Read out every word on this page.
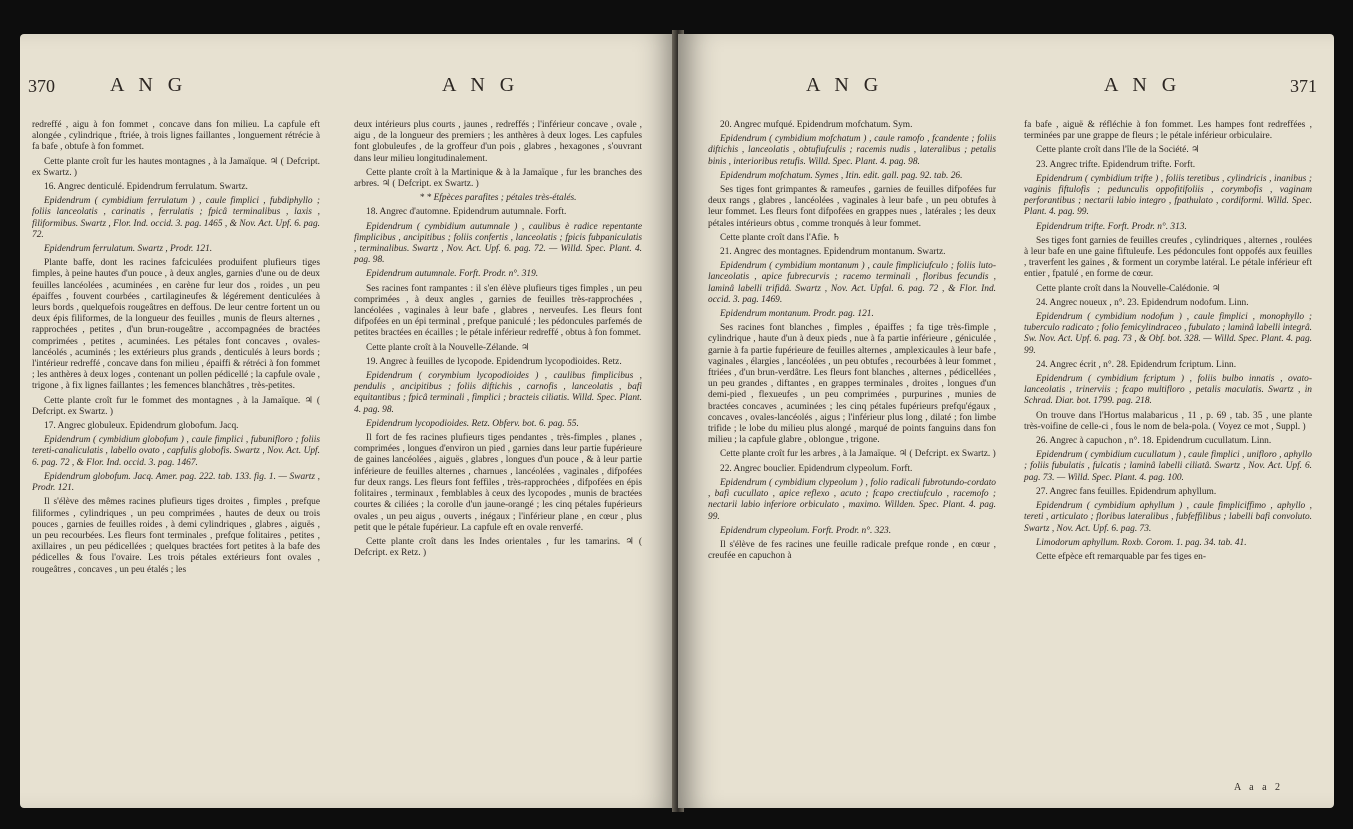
370	A N G	A N G

redreffé , aigu à fon fommet , concave dans fon milieu. La capfule eft alongée , cylindrique , ftriée, à trois lignes faillantes , longuement rétrécie à fa bafe , obtufe à fon fommet.

Cette plante croît fur les hautes montagnes , à la Jamaïque. ♃ ( Defcript. ex Swartz. )

16. Angrec denticulé. Epidendrum ferrulatum. Swartz.

Epidendrum ( cymbidium ferrulatum ) , caule fimplici , fubdiphyllo ; foliis lanceolatis , carinatis , ferrulatis ; fpicâ terminalibus , laxis , filiformibus. Swartz , Flor. Ind. occid. 3. pag. 1465 , & Nov. Act. Upf. 6. pag. 72.

Epidendrum ferrulatum. Swartz , Prodr. 121.

Plante baffe, dont les racines fafciculées produifent plufieurs tiges fimples, à peine hautes d'un pouce , à deux angles, garnies d'une ou de deux feuilles lancéolées , acuminées , en carène fur leur dos , roides , un peu épaiffes , fouvent courbées , cartilagineufes & légérement denticulées à leurs bords , quelquefois rougeâtres en deffous. De leur centre fortent un ou deux épis filiformes, de la longueur des feuilles , munis de fleurs alternes , rapprochées , petites , d'un brun-rougeâtre , accompagnées de bractées comprimées , petites , acuminées. Les pétales font concaves , ovales-lancéolés , acuminés ; les extérieurs plus grands , denticulés à leurs bords ; l'intérieur redreffé , concave dans fon milieu , épaiffi & rétréci à fon fommet ; les anthères à deux loges , contenant un pollen pédicellé ; la capfule ovale , trigone , à fix lignes faillantes ; les femences blanchâtres , très-petites.

Cette plante croît fur le fommet des montagnes , à la Jamaïque. ♃ ( Defcript. ex Swartz. )

17. Angrec globuleux. Epidendrum globofum. Jacq.

Epidendrum ( cymbidium globofum ) , caule fimplici , fubunifloro ; foliis tereti-canaliculatis , labello ovato , capfulis globofis. Swartz , Nov. Act. Upf. 6. pag. 72 , & Flor. Ind. occid. 3. pag. 1467.

Epidendrum globofum. Jacq. Amer. pag. 222. tab. 133. fig. 1. — Swartz , Prodr. 121.

Il s'élève des mêmes racines plufieurs tiges droites , fimples , prefque filiformes , cylindriques , un peu comprimées , hautes de deux ou trois pouces , garnies de feuilles roides , à demi cylindriques , glabres , aiguës , un peu recourbées. Les fleurs font terminales , prefque folitaires , petites , axillaires , un peu pédicellées ; quelques bractées fort petites à la bafe des pédicelles & fous l'ovaire. Les trois pétales extérieurs font ovales , rougeâtres , concaves , un peu étalés ; les

deux intérieurs plus courts , jaunes , redreffés ; l'inférieur concave , ovale , aigu , de la longueur des premiers ; les anthères à deux loges. Les capfules font globuleufes , de la groffeur d'un pois , glabres , hexagones , s'ouvrant dans leur milieu longitudinalement.

Cette plante croît à la Martinique & à la Jamaïque , fur les branches des arbres. ♃ ( Defcript. ex Swartz. )

* * Efpèces parafites ; pétales très-étalés.

18. Angrec d'automne. Epidendrum autumnale. Forft.

Epidendrum ( cymbidium autumnale ) , caulibus è radice repentante fimplicibus , ancipitibus ; foliis confertis , lanceolatis ; fpicis fubpaniculatis , terminalibus. Swartz , Nov. Act. Upf. 6. pag. 72. — Willd. Spec. Plant. 4. pag. 98.

Epidendrum autumnale. Forft. Prodr. n°. 319.

Ses racines font rampantes : il s'en élève plufieurs tiges fimples , un peu comprimées , à deux angles , garnies de feuilles très-rapprochées , lancéolées , vaginales à leur bafe , glabres , nerveufes. Les fleurs font difpofées en un épi terminal , prefque paniculé ; les pédoncules parfemés de petites bractées en écailles ; le pétale inférieur redreffé , obtus à fon fommet.

Cette plante croît à la Nouvelle-Zélande. ♃

19. Angrec à feuilles de lycopode. Epidendrum lycopodioides. Retz.

Epidendrum ( corymbium lycopodioides ) , caulibus fimplicibus , pendulis , ancipitibus ; foliis diftichis , carnofis , lanceolatis , bafi equitantibus ; fpicâ terminali , fimplici ; bracteis ciliatis. Willd. Spec. Plant. 4. pag. 98.

Epidendrum lycopodioides. Retz. Obferv. bot. 6. pag. 55.

Il fort de fes racines plufieurs tiges pendantes , très-fimples , planes , comprimées , longues d'environ un pied , garnies dans leur partie fupérieure de gaines lancéolées , aiguës , glabres , longues d'un pouce , & à leur partie inférieure de feuilles alternes , charnues , lancéolées , vaginales , difpofées fur deux rangs. Les fleurs font feffiles , très-rapprochées , difpofées en épis folitaires , terminaux , femblables à ceux des lycopodes , munis de bractées courtes & ciliées ; la corolle d'un jaune-orangé ; les cinq pétales fupérieurs ovales , un peu aigus , ouverts , inégaux ; l'inférieur plane , en cœur , plus petit que le pétale fupérieur. La capfule eft en ovale renverfé.

Cette plante croît dans les Indes orientales , fur les tamarins. ♃ ( Defcript. ex Retz. )

A N G	A N G	371

20. Angrec mufqué. Epidendrum mofchatum. Sym.

Epidendrum ( cymbidium mofchatum ) , caule ramofo , fcandente ; foliis diftichis , lanceolatis , obtufiufculis ; racemis nudis , lateralibus ; petalis binis , interioribus retufis. Willd. Spec. Plant. 4. pag. 98.

Epidendrum mofchatum. Symes , Itin. edit. gall. pag. 92. tab. 26.

Ses tiges font grimpantes & rameufes , garnies de feuilles difpofées fur deux rangs , glabres , lancéolées , vaginales à leur bafe , un peu obtufes à leur fommet. Les fleurs font difpofées en grappes nues , latérales ; les deux pétales intérieurs obtus , comme tronqués à leur fommet.

Cette plante croît dans l'Afie. ♄

21. Angrec des montagnes. Epidendrum montanum. Swartz.

Epidendrum ( cymbidium montanum ) , caule fimpliciufculo ; foliis luto-lanceolatis , apice fubrecurvis ; racemo terminali , floribus fecundis , laminâ labelli trifidâ. Swartz , Nov. Act. Upfal. 6. pag. 72 , & Flor. Ind. occid. 3. pag. 1469.

Epidendrum montanum. Prodr. pag. 121.

Ses racines font blanches , fimples , épaiffes ; fa tige très-fimple , cylindrique , haute d'un à deux pieds , nue à fa partie inférieure , géniculée , garnie à fa partie fupérieure de feuilles alternes , amplexicaules à leur bafe , vaginales , élargies , lancéolées , un peu obtufes , recourbées à leur fommet , ftriées , d'un brun-verdâtre. Les fleurs font blanches , alternes , pédicellées , un peu grandes , diftantes , en grappes terminales , droites , longues d'un demi-pied , flexueufes , un peu comprimées , purpurines , munies de bractées concaves , acuminées ; les cinq pétales fupérieurs prefqu'égaux , concaves , ovales-lancéolés , aigus ; l'inférieur plus long , dilaté ; fon limbe trifide ; le lobe du milieu plus alongé , marqué de points fanguins dans fon milieu ; la capfule glabre , oblongue , trigone.

Cette plante croît fur les arbres , à la Jamaïque. ♃ ( Defcript. ex Swartz. )

22. Angrec bouclier. Epidendrum clypeolum. Forft.

Epidendrum ( cymbidium clypeolum ) , folio radicali fubrotundo-cordato , bafi cucullato , apice reflexo , acuto ; fcapo crectiufculo , racemofo ; nectarii labio inferiore orbiculato , maximo. Willden. Spec. Plant. 4. pag. 99.

Epidendrum clypeolum. Forft. Prodr. n°. 323.

Il s'élève de fes racines une feuille radicale prefque ronde , en cœur , creufée en capuchon à

fa bafe , aiguë & réfléchie à fon fommet. Les hampes font redreffées , terminées par une grappe de fleurs ; le pétale inférieur orbiculaire.

Cette plante croît dans l'île de la Société. ♃

23. Angrec trifte. Epidendrum trifte. Forft.

Epidendrum ( cymbidium trifte ) , foliis teretibus , cylindricis , inanibus ; vaginis fiftulofis ; pedunculis oppofitifoliis , corymbofis , vaginam perforantibus ; nectarii labio integro , fpathulato , cordiformi. Willd. Spec. Plant. 4. pag. 99.

Epidendrum trifte. Forft. Prodr. n°. 313.

Ses tiges font garnies de feuilles creufes , cylindriques , alternes , roulées à leur bafe en une gaine fiftuleufe. Les pédoncules font oppofés aux feuilles , traverfent les gaines , & forment un corymbe latéral. Le pétale inférieur eft entier , fpatulé , en forme de cœur.

Cette plante croît dans la Nouvelle-Calédonie. ♃

24. Angrec noueux , n°. 23. Epidendrum nodofum. Linn.

Epidendrum ( cymbidium nodofum ) , caule fimplici , monophyllo ; tuberculo radicato ; folio femicylindraceo , fubulato ; laminâ labelli integrâ. Sw. Nov. Act. Upf. 6. pag. 73 , & Obf. bot. 328. — Willd. Spec. Plant. 4. pag. 99.

24. Angrec écrit , n°. 28. Epidendrum fcriptum. Linn.

Epidendrum ( cymbidium fcriptum ) , foliis bulbo innatis , ovato-lanceolatis , trinerviis ; fcapo multifloro , petalis maculatis. Swartz , in Schrad. Diar. bot. 1799. pag. 218.

On trouve dans l'Hortus malabaricus , 11 , p. 69 , tab. 35 , une plante très-voifine de celle-ci , fous le nom de bela-pola. ( Voyez ce mot , Suppl. )

26. Angrec à capuchon , n°. 18. Epidendrum cucullatum. Linn.

Epidendrum ( cymbidium cucullatum ) , caule fimplici , unifloro , aphyllo ; foliis fubulatis , fulcatis ; laminâ labelli ciliatâ. Swartz , Nov. Act. Upf. 6. pag. 73. — Willd. Spec. Plant. 4. pag. 100.

27. Angrec fans feuilles. Epidendrum aphyllum.

Epidendrum ( cymbidium aphyllum ) , caule fimpliciffimo , aphyllo , tereti , articulato ; floribus lateralibus , fubfeffilibus ; labelli bafi convoluto. Swartz , Nov. Act. Upf. 6. pag. 73.

Limodorum aphyllum. Roxb. Corom. 1. pag. 34. tab. 41.

Cette efpèce eft remarquable par fes tiges en-

A a a 2
